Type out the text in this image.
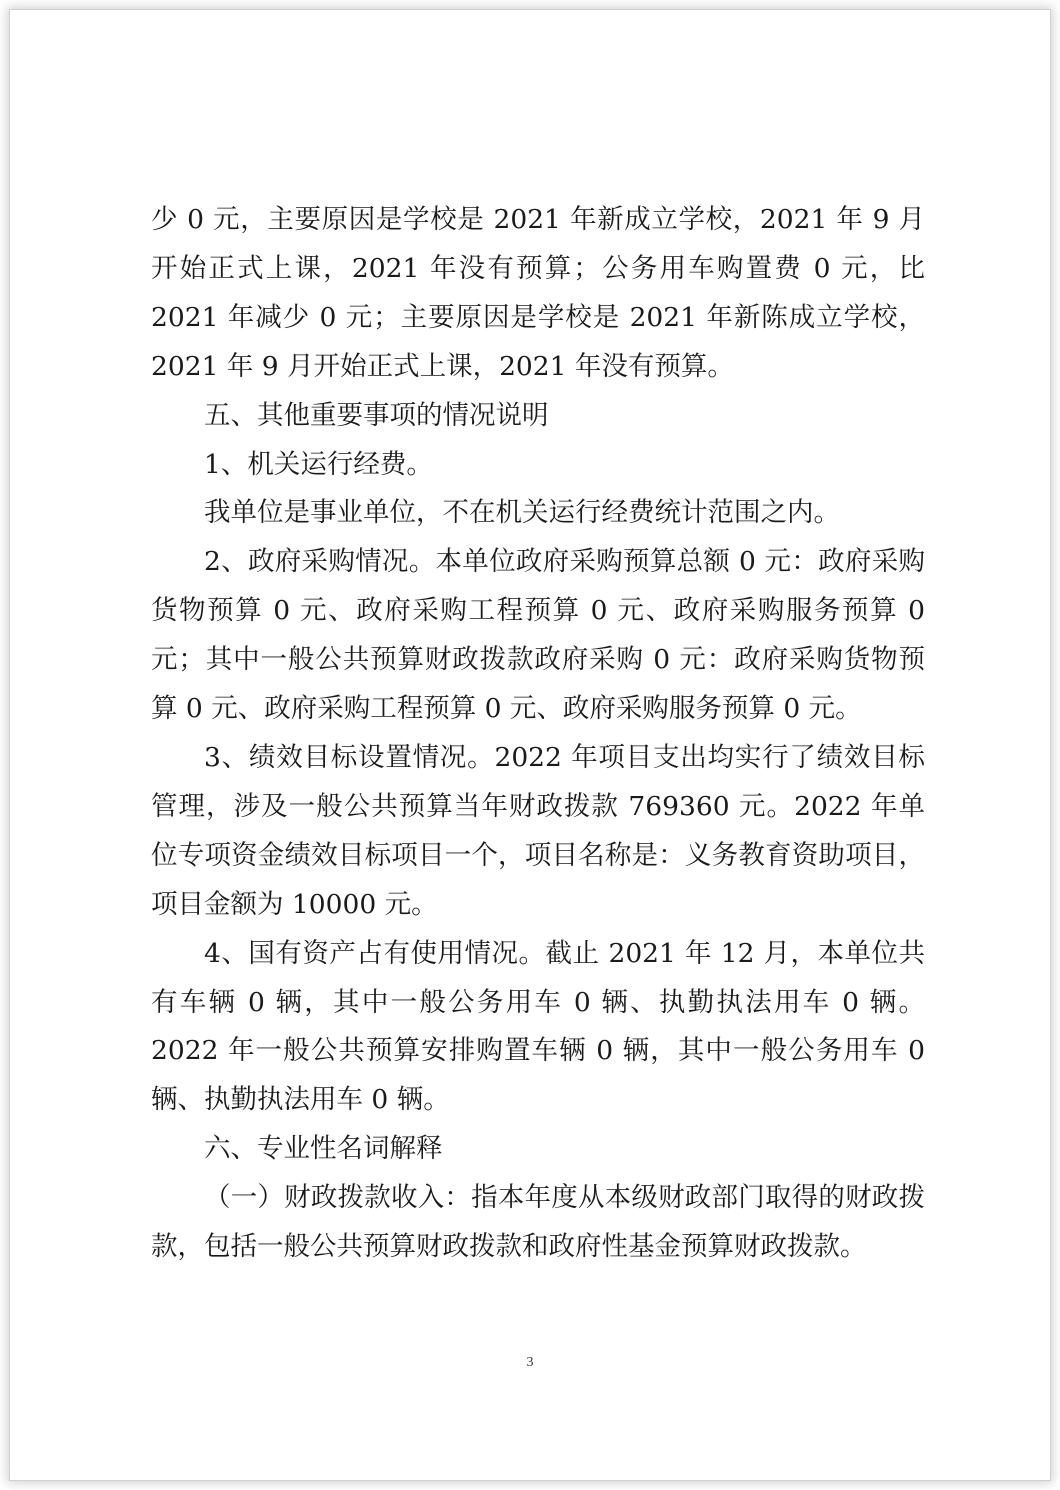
少 0 元，主要原因是学校是 2021 年新成立学校，2021 年 9 月开始正式上课，2021 年没有预算；公务用车购置费 0 元，比 2021 年减少 0 元；主要原因是学校是 2021 年新陈成立学校，2021 年 9 月开始正式上课，2021 年没有预算。

五、其他重要事项的情况说明

1、机关运行经费。

我单位是事业单位，不在机关运行经费统计范围之内。

2、政府采购情况。本单位政府采购预算总额 0 元：政府采购货物预算 0 元、政府采购工程预算 0 元、政府采购服务预算 0 元；其中一般公共预算财政拨款政府采购 0 元：政府采购货物预算 0 元、政府采购工程预算 0 元、政府采购服务预算 0 元。

3、绩效目标设置情况。2022 年项目支出均实行了绩效目标管理，涉及一般公共预算当年财政拨款 769360 元。2022 年单位专项资金绩效目标项目一个，项目名称是：义务教育资助项目，项目金额为 10000 元。

4、国有资产占有使用情况。截止 2021 年 12 月，本单位共有车辆 0 辆，其中一般公务用车 0 辆、执勤执法用车 0 辆。2022 年一般公共预算安排购置车辆 0 辆，其中一般公务用车 0 辆、执勤执法用车 0 辆。

六、专业性名词解释

（一）财政拨款收入：指本年度从本级财政部门取得的财政拨款，包括一般公共预算财政拨款和政府性基金预算财政拨款。

3
